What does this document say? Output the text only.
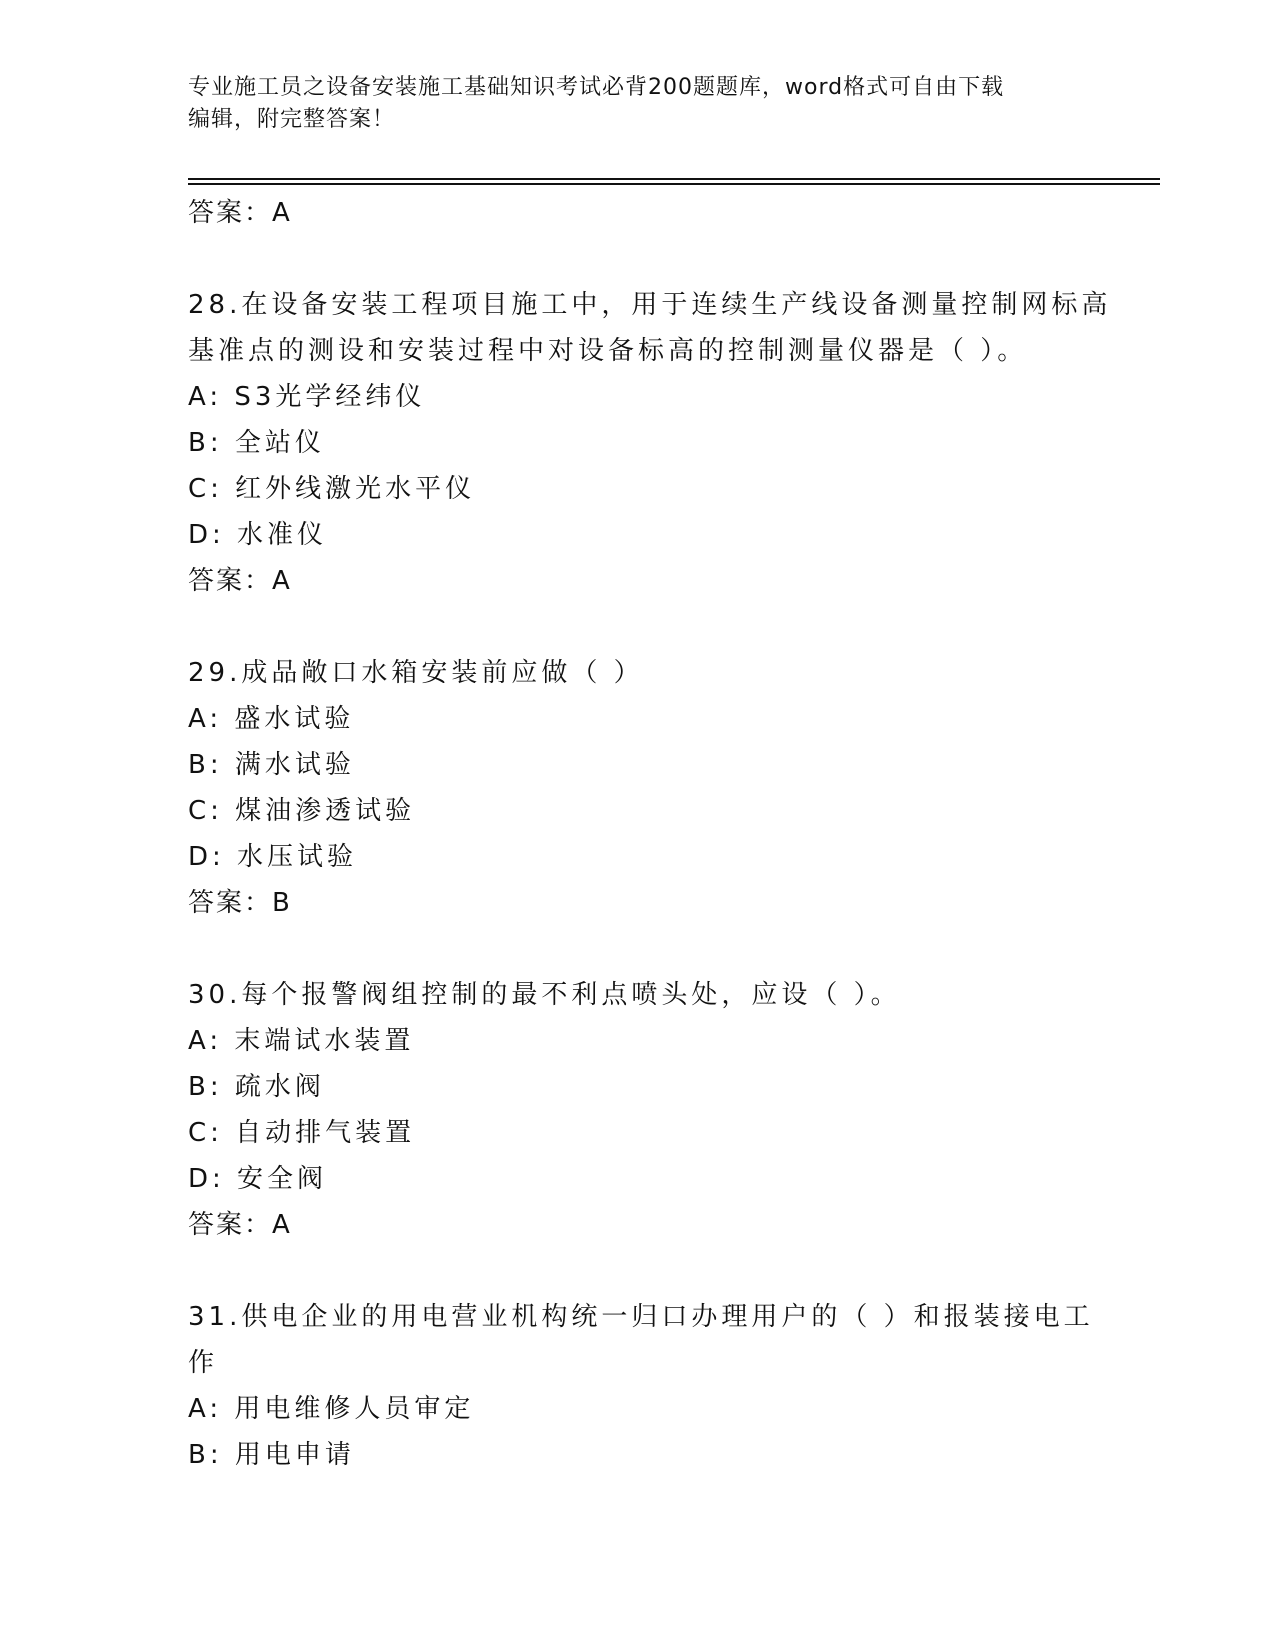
专业施工员之设备安装施工基础知识考试必背200题题库，word格式可自由下载
编辑，附完整答案！
答案：A
28.在设备安装工程项目施工中，用于连续生产线设备测量控制网标高
基准点的测设和安装过程中对设备标高的控制测量仪器是（ ）。
A: S3光学经纬仪
B: 全站仪
C: 红外线激光水平仪
D: 水准仪
答案：A
29.成品敞口水箱安装前应做（ ）
A: 盛水试验
B: 满水试验
C: 煤油渗透试验
D: 水压试验
答案：B
30.每个报警阀组控制的最不利点喷头处，应设（ ）。
A: 末端试水装置
B: 疏水阀
C: 自动排气装置
D: 安全阀
答案：A
31.供电企业的用电营业机构统一归口办理用户的（ ）和报装接电工
作
A: 用电维修人员审定
B: 用电申请
